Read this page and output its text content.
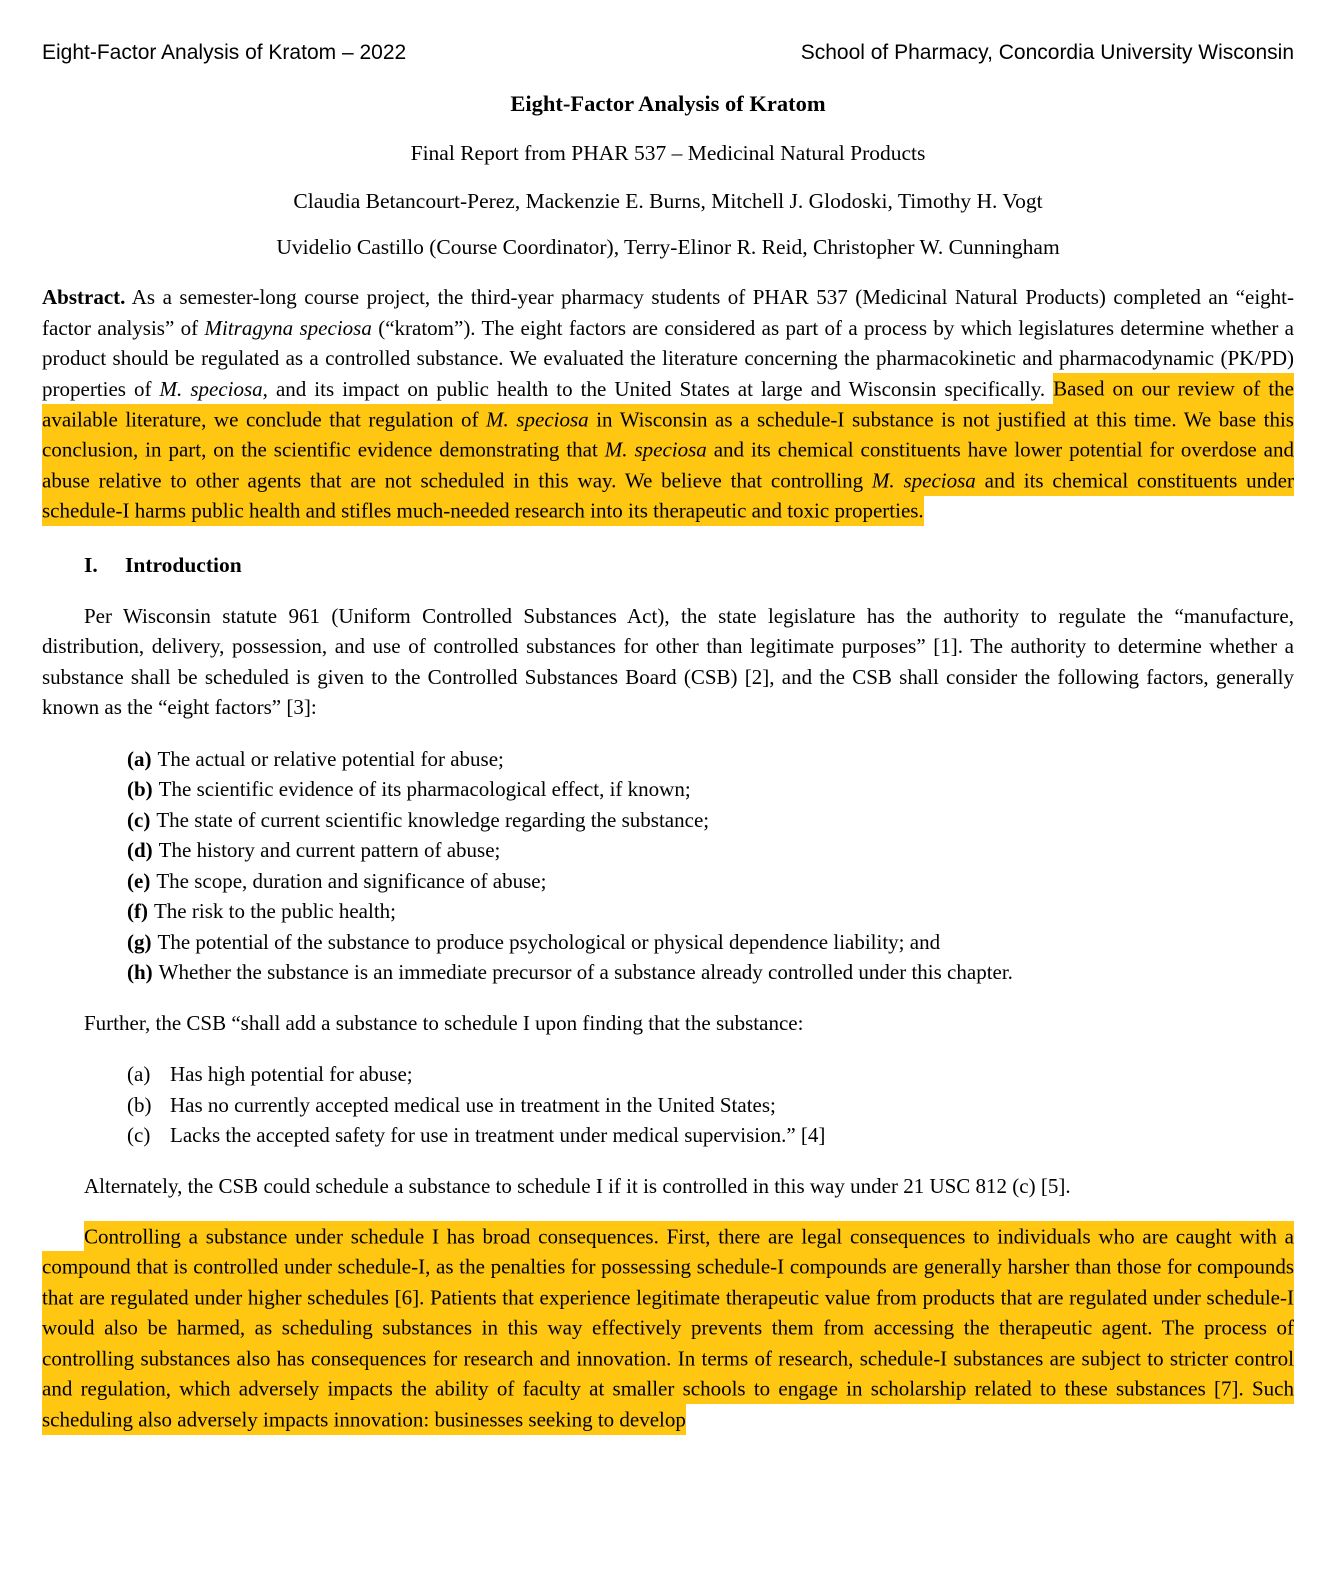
Eight-Factor Analysis of Kratom – 2022	School of Pharmacy, Concordia University Wisconsin
Eight-Factor Analysis of Kratom
Final Report from PHAR 537 – Medicinal Natural Products
Claudia Betancourt-Perez, Mackenzie E. Burns, Mitchell J. Glodoski, Timothy H. Vogt
Uvidelio Castillo (Course Coordinator), Terry-Elinor R. Reid, Christopher W. Cunningham

Abstract. As a semester-long course project, the third-year pharmacy students of PHAR 537 (Medicinal Natural Products) completed an “eight-factor analysis” of Mitragyna speciosa (“kratom”). The eight factors are considered as part of a process by which legislatures determine whether a product should be regulated as a controlled substance. We evaluated the literature concerning the pharmacokinetic and pharmacodynamic (PK/PD) properties of M. speciosa, and its impact on public health to the United States at large and Wisconsin specifically. Based on our review of the available literature, we conclude that regulation of M. speciosa in Wisconsin as a schedule-I substance is not justified at this time. We base this conclusion, in part, on the scientific evidence demonstrating that M. speciosa and its chemical constituents have lower potential for overdose and abuse relative to other agents that are not scheduled in this way. We believe that controlling M. speciosa and its chemical constituents under schedule-I harms public health and stifles much-needed research into its therapeutic and toxic properties.

I. Introduction

Per Wisconsin statute 961 (Uniform Controlled Substances Act), the state legislature has the authority to regulate the “manufacture, distribution, delivery, possession, and use of controlled substances for other than legitimate purposes” [1]. The authority to determine whether a substance shall be scheduled is given to the Controlled Substances Board (CSB) [2], and the CSB shall consider the following factors, generally known as the “eight factors” [3]:

(a) The actual or relative potential for abuse;
(b) The scientific evidence of its pharmacological effect, if known;
(c) The state of current scientific knowledge regarding the substance;
(d) The history and current pattern of abuse;
(e) The scope, duration and significance of abuse;
(f) The risk to the public health;
(g) The potential of the substance to produce psychological or physical dependence liability; and
(h) Whether the substance is an immediate precursor of a substance already controlled under this chapter.

Further, the CSB “shall add a substance to schedule I upon finding that the substance:

(a) Has high potential for abuse;
(b) Has no currently accepted medical use in treatment in the United States;
(c) Lacks the accepted safety for use in treatment under medical supervision.” [4]

Alternately, the CSB could schedule a substance to schedule I if it is controlled in this way under 21 USC 812 (c) [5].

Controlling a substance under schedule I has broad consequences. First, there are legal consequences to individuals who are caught with a compound that is controlled under schedule-I, as the penalties for possessing schedule-I compounds are generally harsher than those for compounds that are regulated under higher schedules [6]. Patients that experience legitimate therapeutic value from products that are regulated under schedule-I would also be harmed, as scheduling substances in this way effectively prevents them from accessing the therapeutic agent. The process of controlling substances also has consequences for research and innovation. In terms of research, schedule-I substances are subject to stricter control and regulation, which adversely impacts the ability of faculty at smaller schools to engage in scholarship related to these substances [7]. Such scheduling also adversely impacts innovation: businesses seeking to develop
